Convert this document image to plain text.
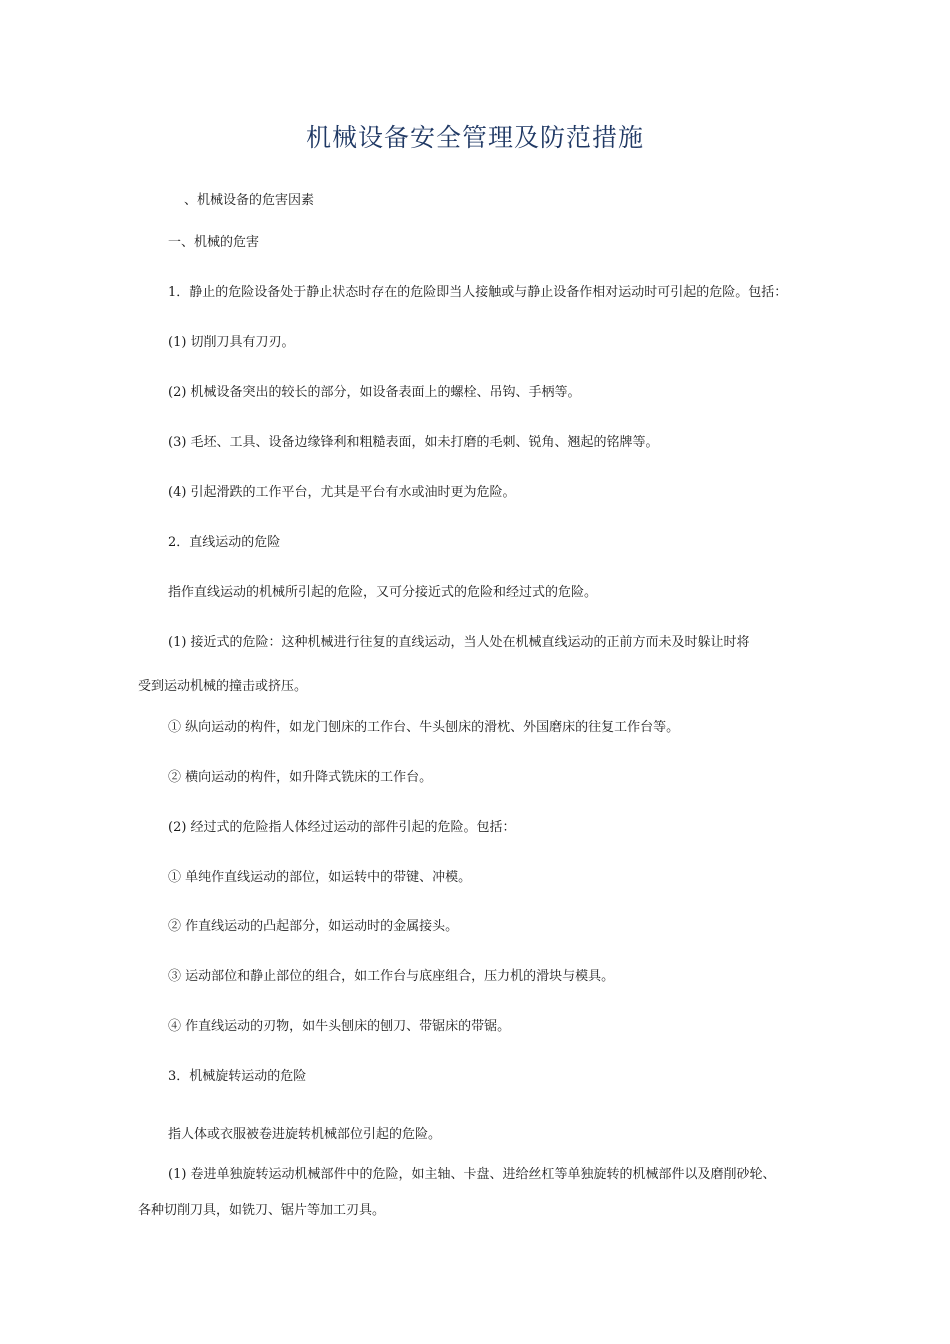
机械设备安全管理及防范措施
、机械设备的危害因素
一、机械的危害
1．静止的危险设备处于静止状态时存在的危险即当人接触或与静止设备作相对运动时可引起的危险。包括：
(1) 切削刀具有刀刃。
(2) 机械设备突出的较长的部分，如设备表面上的螺栓、吊钩、手柄等。
(3) 毛坯、工具、设备边缘锋利和粗糙表面，如未打磨的毛刺、锐角、翘起的铭牌等。
(4) 引起滑跌的工作平台，尤其是平台有水或油时更为危险。
2．直线运动的危险
指作直线运动的机械所引起的危险，又可分接近式的危险和经过式的危险。
(1) 接近式的危险：这种机械进行往复的直线运动，当人处在机械直线运动的正前方而未及时躲让时将
受到运动机械的撞击或挤压。
① 纵向运动的构件，如龙门刨床的工作台、牛头刨床的滑枕、外国磨床的往复工作台等。
② 横向运动的构件，如升降式铣床的工作台。
(2) 经过式的危险指人体经过运动的部件引起的危险。包括：
① 单纯作直线运动的部位，如运转中的带键、冲模。
② 作直线运动的凸起部分，如运动时的金属接头。
③ 运动部位和静止部位的组合，如工作台与底座组合，压力机的滑块与模具。
④ 作直线运动的刃物，如牛头刨床的刨刀、带锯床的带锯。
3．机械旋转运动的危险
指人体或衣服被卷进旋转机械部位引起的危险。
(1) 卷进单独旋转运动机械部件中的危险，如主轴、卡盘、进给丝杠等单独旋转的机械部件以及磨削砂轮、
各种切削刀具，如铣刀、锯片等加工刃具。
